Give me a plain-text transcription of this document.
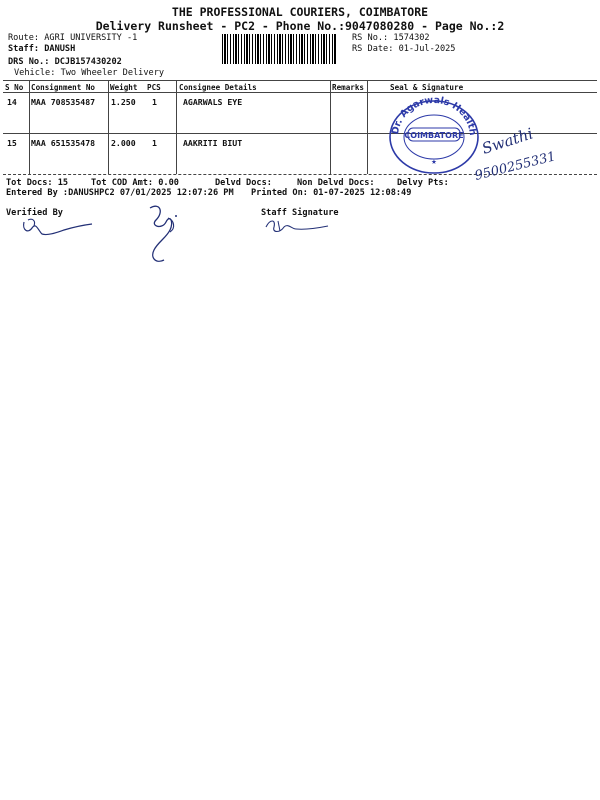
THE PROFESSIONAL COURIERS, COIMBATORE
Delivery Runsheet - PC2 - Phone No.:9047080280 - Page No.:2
Route: AGRI UNIVERSITY -1
Staff: DANUSH
DRS No.: DCJB157430202
Vehicle: Two Wheeler Delivery
RS No.: 1574302
RS Date: 01-Jul-2025
S No Consignment No Weight PCS Consignee Details	Remarks	Seal & Signature
14 MAA 708535487 1.250 1	AGARWALS EYE
15 MAA 651535478 2.000 1	AAKRITI BIUT
Dr. Agarwals Healthcare Limited
COIMBATORE
★
Swathi
9500255331
Tot Docs: 15	Tot COD Amt: 0.00	Delvd Docs:	Non Delvd Docs:	Delvy Pts:
Entered By :DANUSHPC2 07/01/2025 12:07:26 PM Printed On: 01-07-2025 12:08:49
Verified By	Staff Signature
